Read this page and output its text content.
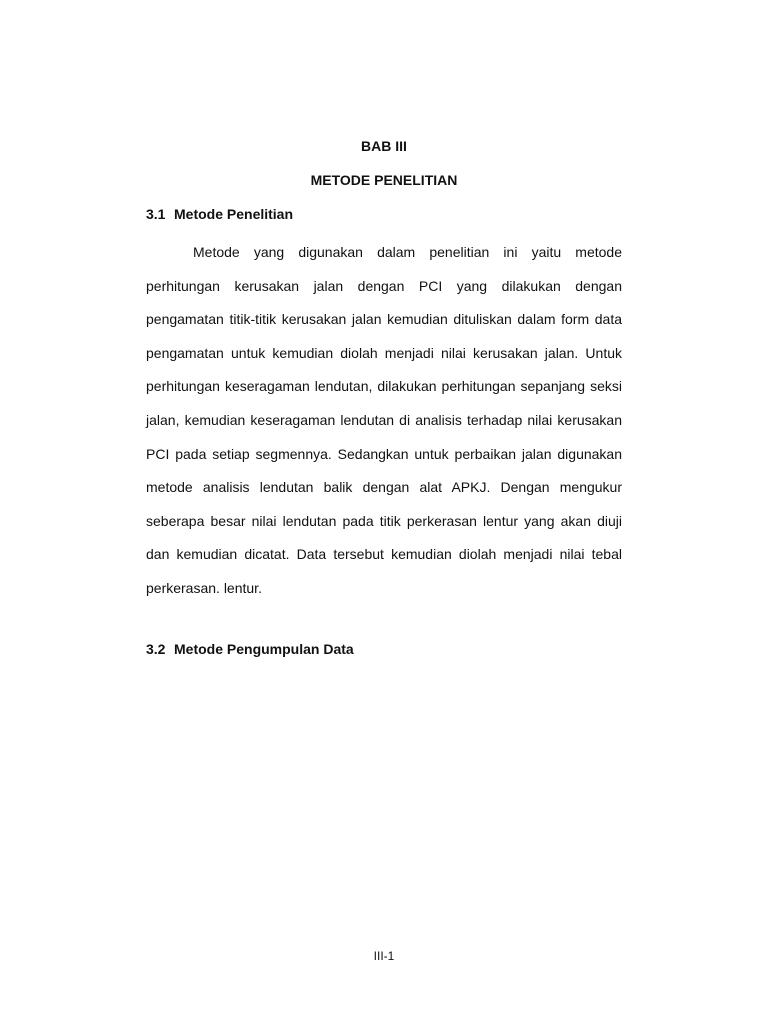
BAB III
METODE PENELITIAN
3.1 Metode Penelitian

Metode yang digunakan dalam penelitian ini yaitu metode perhitungan kerusakan jalan dengan PCI yang dilakukan dengan pengamatan titik-titik kerusakan jalan kemudian dituliskan dalam form data pengamatan untuk kemudian diolah menjadi nilai kerusakan jalan. Untuk perhitungan keseragaman lendutan, dilakukan perhitungan sepanjang seksi jalan, kemudian keseragaman lendutan di analisis terhadap nilai kerusakan PCI pada setiap segmennya. Sedangkan untuk perbaikan jalan digunakan metode analisis lendutan balik dengan alat APKJ. Dengan mengukur seberapa besar nilai lendutan pada titik perkerasan lentur yang akan diuji dan kemudian dicatat. Data tersebut kemudian diolah menjadi nilai tebal perkerasan. lentur.

3.2 Metode Pengumpulan Data
III-1
